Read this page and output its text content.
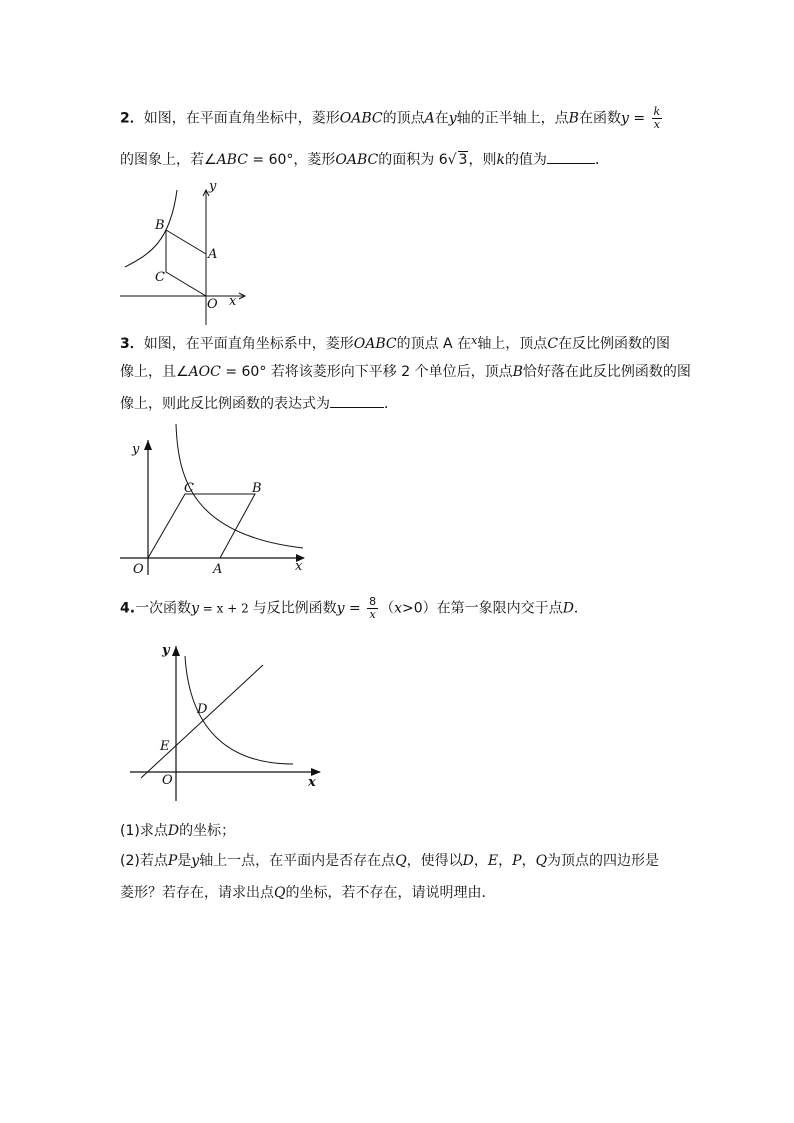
2．如图，在平面直角坐标中，菱形OABC的顶点A在y轴的正半轴上，点B在函数$y = \frac{k}{x}$
的图象上，若∠ABC = 60°，菱形OABC的面积为 6√ 3，则k的值为	．
y
B
A
C
O x
3．如图，在平面直角坐标系中，菱形OABC的顶点 A 在$^x$轴上，顶点C在反比例函数的图
像上，且∠AOC = 60° 若将该菱形向下平移 2 个单位后，顶点B恰好落在此反比例函数的图
像上，则此反比例函数的表达式为	．
y
C	B
O	A	x
4.一次函数y = x + 2 与反比例函数$y = \frac{8}{x} (x>0)$在第一象限内交于点D．
y
D
E
O	x
(1)求点D的坐标；
(2)若点P是y轴上一点，在平面内是否存在点Q，使得以D，E，P，Q为顶点的四边形是
菱形？若存在，请求出点Q的坐标，若不存在，请说明理由．
